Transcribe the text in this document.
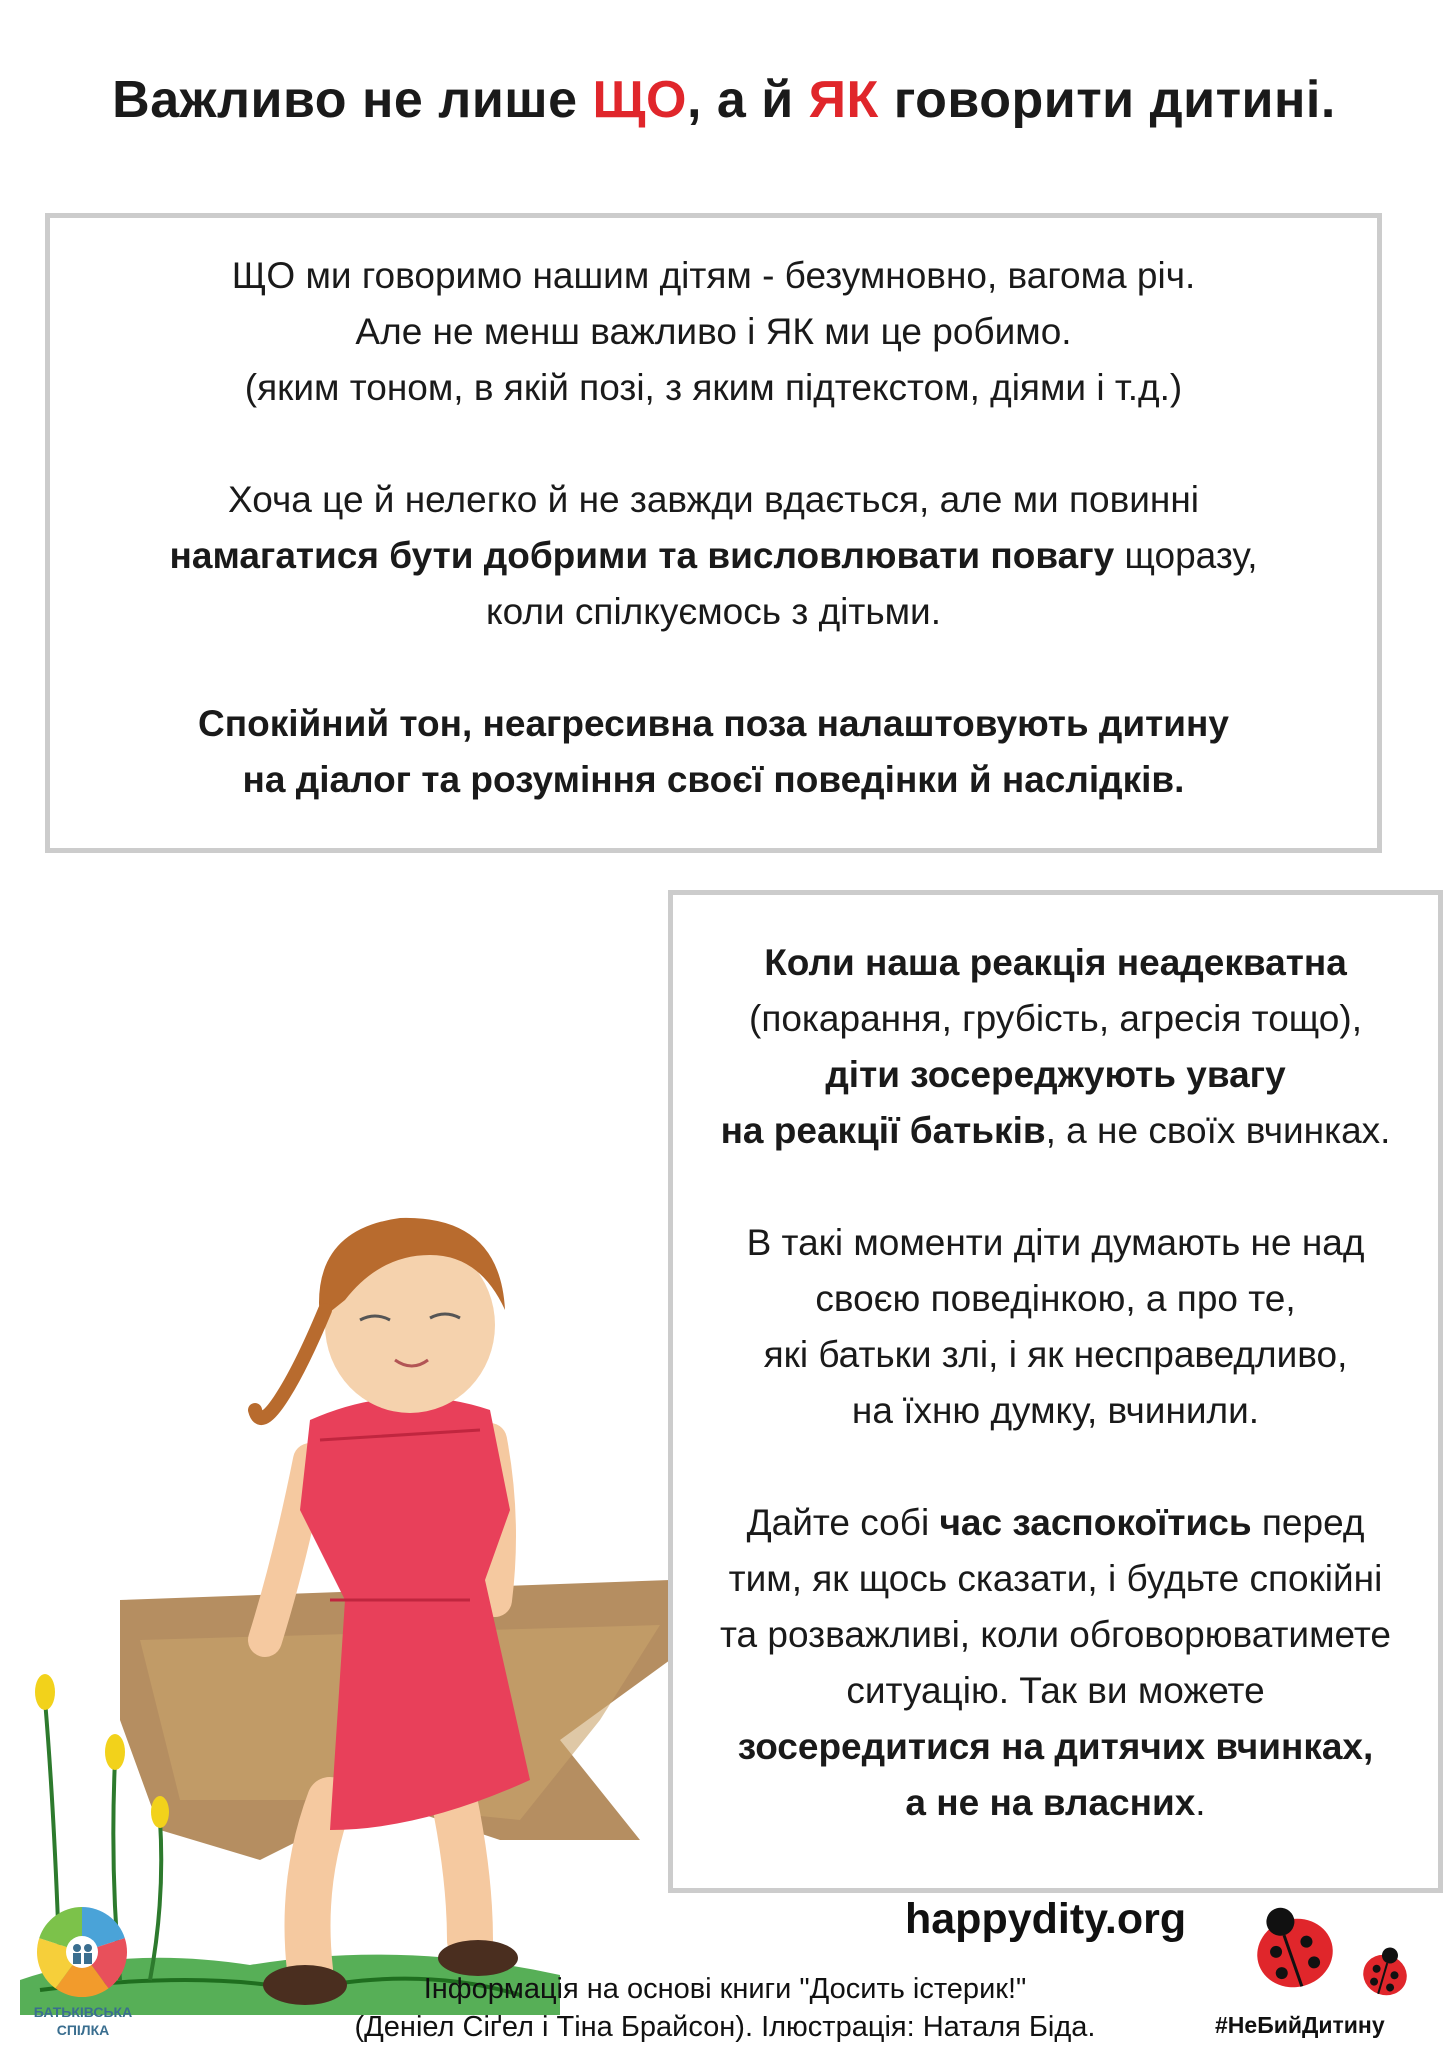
Важливо не лише ЩО, а й ЯК говорити дитині.

ЩО ми говоримо нашим дітям - безумновно, вагома річ.
Але не менш важливо і ЯК ми це робимо.
(яким тоном, в якій позі, з яким підтекстом, діями і т.д.)

Хоча це й нелегко й не завжди вдається, але ми повинні
намагатися бути добрими та висловлювати повагу щоразу,
коли спілкуємось з дітьми.

Спокійний тон, неагресивна поза налаштовують дитину
на діалог та розуміння своєї поведінки й наслідків.

Коли наша реакція неадекватна
(покарання, грубість, агресія тощо),
діти зосереджують увагу
на реакції батьків, а не своїх вчинках.

В такі моменти діти думають не над
своєю поведінкою, а про те,
які батьки злі, і як несправедливо,
на їхню думку, вчинили.

Дайте собі час заспокоїтись перед
тим, як щось сказати, і будьте спокійні
та розважливі, коли обговорюватимете
ситуацію. Так ви можете
зосередитися на дитячих вчинках,
а не на власних.

БАТЬКІВСЬКА
СПІЛКА
happydity.org
Інформація на основі книги "Досить істерик!"
(Деніел Сіґел і Тіна Брайсон). Ілюстрація: Наталя Біда.	#НеБийДитину
